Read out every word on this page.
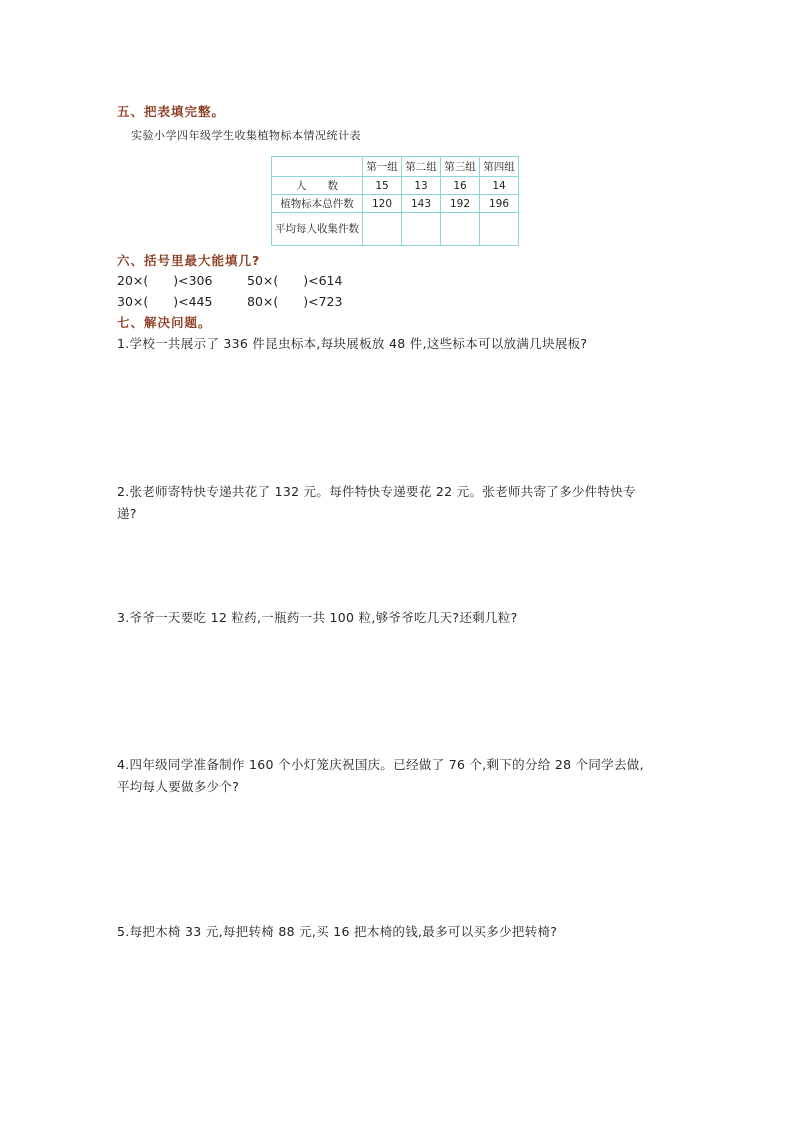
五、把表填完整。
实验小学四年级学生收集植物标本情况统计表
	第一组	第二组	第三组	第四组
人　　数	15	13	16	14
植物标本总件数	120	143	192	196
平均每人收集件数				
六、括号里最大能填几?
20×(　　)<306	50×(　　)<614
30×(　　)<445	80×(　　)<723
七、解决问题。
1.学校一共展示了 336 件昆虫标本,每块展板放 48 件,这些标本可以放满几块展板?
2.张老师寄特快专递共花了 132 元。每件特快专递要花 22 元。张老师共寄了多少件特快专
递?
3.爷爷一天要吃 12 粒药,一瓶药一共 100 粒,够爷爷吃几天?还剩几粒?
4.四年级同学准备制作 160 个小灯笼庆祝国庆。已经做了 76 个,剩下的分给 28 个同学去做,
平均每人要做多少个?
5.每把木椅 33 元,每把转椅 88 元,买 16 把木椅的钱,最多可以买多少把转椅?
